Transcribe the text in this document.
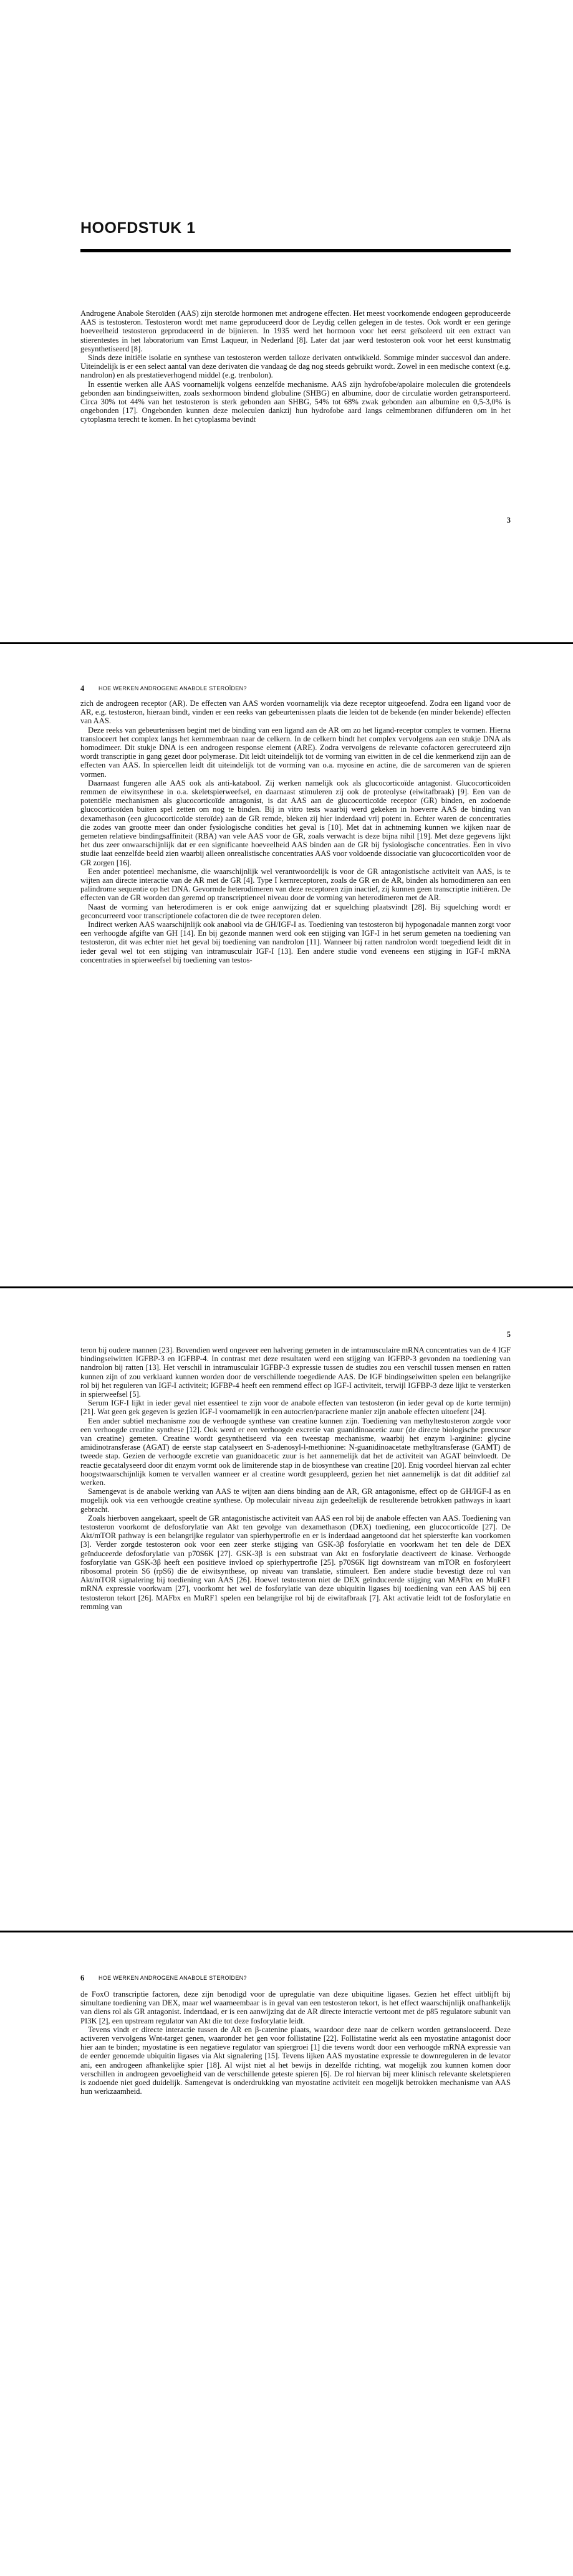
HOOFDSTUK 1

Androgene Anabole Steroïden (AAS) zijn steroïde hormonen met androgene effecten. Het meest voorkomende endogeen geproduceerde AAS is testosteron. Testosteron wordt met name geproduceerd door de Leydig cellen gelegen in de testes. Ook wordt er een geringe hoeveelheid testosteron geproduceerd in de bijnieren. In 1935 werd het hormoon voor het eerst geïsoleerd uit een extract van stierentestes in het laboratorium van Ernst Laqueur, in Nederland [8]. Later dat jaar werd testosteron ook voor het eerst kunstmatig gesynthetiseerd [8].

Sinds deze initiële isolatie en synthese van testosteron werden tallozе derivaten ontwikkeld. Sommige minder succesvol dan andere. Uiteindelijk is er een select aantal van deze derivaten die vandaag de dag nog steeds gebruikt wordt. Zowel in een medische context (e.g. nandrolon) en als prestatieverhogend middel (e.g. trenbolon).

In essentie werken alle AAS voornamelijk volgens eenzelfde mechanisme. AAS zijn hydrofobe/apolaire moleculen die grotendeels gebonden aan bindingseiwitten, zoals sexhormoon bindend globuline (SHBG) en albumine, door de circulatie worden getransporteerd. Circa 30% tot 44% van het testosteron is sterk gebonden aan SHBG, 54% tot 68% zwak gebonden aan albumine en 0,5-3,0% is ongebonden [17]. Ongebonden kunnen deze moleculen dankzij hun hydrofobe aard langs celmembranen diffunderen om in het cytoplasma terecht te komen. In het cytoplasma bevindt

3
4	HOE WERKEN ANDROGENE ANABOLE STEROÏDEN?

zich de androgeen receptor (AR). De effecten van AAS worden voornamelijk via deze receptor uitgeoefend. Zodra een ligand voor de AR, e.g. testosteron, hieraan bindt, vinden er een reeks van gebeurtenissen plaats die leiden tot de bekende (en minder bekende) effecten van AAS.

Deze reeks van gebeurtenissen begint met de binding van een ligand aan de AR om zo het ligand-receptor complex te vormen. Hierna transloceert het complex langs het kernmembraan naar de celkern. In de celkern bindt het complex vervolgens aan een stukje DNA als homodimeer. Dit stukje DNA is een androgeen response element (ARE). Zodra vervolgens de relevante cofactoren gerecruteerd zijn wordt transcriptie in gang gezet door polymerase. Dit leidt uiteindelijk tot de vorming van eiwitten in de cel die kenmerkend zijn aan de effecten van AAS. In spiercellen leidt dit uiteindelijk tot de vorming van o.a. myosine en actine, die de sarcomeren van de spieren vormen.

Daarnaast fungeren alle AAS ook als anti-katabool. Zij werken namelijk ook als glucocorticoïde antagonist. Glucocorticoïden remmen de eiwitsynthese in o.a. skeletspierweefsel, en daarnaast stimuleren zij ook de proteolyse (eiwitafbraak) [9]. Een van de potentiële mechanismen als glucocorticoïde antagonist, is dat AAS aan de glucocorticoïde receptor (GR) binden, en zodoende glucocorticoïden buiten spel zetten om nog te binden. Bij in vitro tests waarbij werd gekeken in hoeverre AAS de binding van dexamethason (een glucocorticoïde steroïde) aan de GR remde, bleken zij hier inderdaad vrij potent in. Echter waren de concentraties die zodes van grootte meer dan onder fysiologische condities het geval is [10]. Met dat in achtneming kunnen we kijken naar de gemeten relatieve bindingsaffiniteit (RBA) van vele AAS voor de GR, zoals verwacht is deze bijna nihil [19]. Met deze gegevens lijkt het dus zeer onwaarschijnlijk dat er een significante hoeveelheid AAS binden aan de GR bij fysiologische concentraties. Een in vivo studie laat eenzelfde beeld zien waarbij alleen onrealistische concentraties AAS voor voldoende dissociatie van glucocorticoïden voor de GR zorgen [16].

Een ander potentieel mechanisme, die waarschijnlijk wel verantwoordelijk is voor de GR antagonistische activiteit van AAS, is te wijten aan directe interactie van de AR met de GR [4]. Type I kernreceptoren, zoals de GR en de AR, binden als homodimeren aan een palindrome sequentie op het DNA. Gevormde heterodimeren van deze receptoren zijn inactief, zij kunnen geen transcriptie initiëren. De effecten van de GR worden dan geremd op transcriptieneel niveau door de vorming van heterodimeren met de AR.

Naast de vorming van heterodimeren is er ook enige aanwijzing dat er squelching plaatsvindt [28]. Bij squelching wordt er geconcurreerd voor transcriptionele cofactoren die de twee receptoren delen.

Indirect werken AAS waarschijnlijk ook anabool via de GH/IGF-I as. Toediening van testosteron bij hypogonadale mannen zorgt voor een verhoogde afgifte van GH [14]. En bij gezonde mannen werd ook een stijging van IGF-I in het serum gemeten na toediening van testosteron, dit was echter niet het geval bij toediening van nandrolon [11]. Wanneer bij ratten nandrolon wordt toegediend leidt dit in ieder geval wel tot een stijging van intramusculair IGF-I [13]. Een andere studie vond eveneens een stijging in IGF-I mRNA concentraties in spierweefsel bij toediening van testos-

5

teron bij oudere mannen [23]. Bovendien werd ongeveer een halvering gemeten in de intramusculaire mRNA concentraties van de 4 IGF bindingseiwitten IGFBP-3 en IGFBP-4. In contrast met deze resultaten werd een stijging van IGFBP-3 gevonden na toediening van nandrolon bij ratten [13]. Het verschil in intramusculair IGFBP-3 expressie tussen de studies zou een verschil tussen mensen en ratten kunnen zijn of zou verklaard kunnen worden door de verschillende toegediende AAS. De IGF bindingseiwitten spelen een belangrijke rol bij het reguleren van IGF-I activiteit; IGFBP-4 heeft een remmend effect op IGF-I activiteit, terwijl IGFBP-3 deze lijkt te versterken in spierweefsel [5].

Serum IGF-I lijkt in ieder geval niet essentieel te zijn voor de anabole effecten van testosteron (in ieder geval op de korte termijn) [21]. Wat geen gek gegeven is gezien IGF-I voornamelijk in een autocrien/paracriene manier zijn anabole effecten uitoefent [24].

Een ander subtiel mechanisme zou de verhoogde synthese van creatine kunnen zijn. Toediening van methyltestosteron zorgde voor een verhoogde creatine synthese [12]. Ook werd er een verhoogde excretie van guanidinoacetic zuur (de directe biologische precursor van creatine) gemeten. Creatine wordt gesynthetiseerd via een tweestap mechanisme, waarbij het enzym l-arginine: glycine amidinotransferase (AGAT) de eerste stap catalyseert en S-adenosyl-l-methionine: N-guanidinoacetate methyltransferase (GAMT) de tweede stap. Gezien de verhoogde excretie van guanidoacetic zuur is het aannemelijk dat het de activiteit van AGAT beïnvloedt. De reactie gecatalyseerd door dit enzym vormt ook de limiterende stap in de biosynthese van creatine [20]. Enig voordeel hiervan zal echter hoogstwaarschijnlijk komen te vervallen wanneer er al creatine wordt gesuppleerd, gezien het niet aannemelijk is dat dit additief zal werken.

Samengevat is de anabole werking van AAS te wijten aan diens binding aan de AR, GR antagonisme, effect op de GH/IGF-I as en mogelijk ook via een verhoogde creatine synthese. Op moleculair niveau zijn gedeeltelijk de resulterende betrokken pathways in kaart gebracht.

Zoals hierboven aangekaart, speelt de GR antagonistische activiteit van AAS een rol bij de anabole effecten van AAS. Toediening van testosteron voorkomt de defosforylatie van Akt ten gevolge van dexamethason (DEX) toediening, een glucocorticoïde [27]. De Akt/mTOR pathway is een belangrijke regulator van spierhypertrofie en er is inderdaad aangetoond dat het spiersterfte kan voorkomen [3]. Verder zorgde testosteron ook voor een zeer sterke stijging van GSK-3β fosforylatie en voorkwam het ten dele de DEX geïnduceerde defosforylatie van p70S6K [27]. GSK-3β is een substraat van Akt en fosforylatie deactiveert de kinase. Verhoogde fosforylatie van GSK-3β heeft een positieve invloed op spierhypertrofie [25]. p70S6K ligt downstream van mTOR en fosforyleert ribosomal protein S6 (rpS6) die de eiwitsynthese, op niveau van translatie, stimuleert. Een andere studie bevestigt deze rol van Akt/mTOR signalering bij toediening van AAS [26]. Hoewel testosteron niet de DEX geïnduceerde stijging van MAFbx en MuRF1 mRNA expressie voorkwam [27], voorkomt het wel de fosforylatie van deze ubiquitin ligases bij toediening van een AAS bij een testosteron tekort [26]. MAFbx en MuRF1 spelen een belangrijke rol bij de eiwitafbraak [7]. Akt activatie leidt tot de fosforylatie en remming van

6	HOE WERKEN ANDROGENE ANABOLE STEROÏDEN?

de FoxO transcriptie factoren, deze zijn benodigd voor de upregulatie van deze ubiquitine ligases. Gezien het effect uitblijft bij simultane toediening van DEX, maar wel waarneembaar is in geval van een testosteron tekort, is het effect waarschijnlijk onafhankelijk van diens rol als GR antagonist. Indertdaad, er is een aanwijzing dat de AR directe interactie vertoont met de p85 regulatore subunit van PI3K [2], een upstream regulator van Akt die tot deze fosforylatie leidt.

Tevens vindt er directe interactie tussen de AR en β-catenine plaats, waardoor deze naar de celkern worden getransloceerd. Deze activeren vervolgens Wnt-target genen, waaronder het gen voor follistatine [22]. Follistatine werkt als een myostatine antagonist door hier aan te binden; myostatine is een negatieve regulator van spiergroei [1] die tevens wordt door een verhoogde mRNA expressie van de eerder genoemde ubiquitin ligases via Akt signalering [15]. Tevens lijken AAS myostatine expressie te downreguleren in de levator ani, een androgeen afhankelijke spier [18]. Al wijst niet al het bewijs in dezelfde richting, wat mogelijk zou kunnen komen door verschillen in androgeen gevoeligheid van de verschillende geteste spieren [6]. De rol hiervan bij meer klinisch relevante skeletspieren is zodoende niet goed duidelijk. Samengevat is onderdrukking van myostatine activiteit een mogelijk betrokken mechanisme van AAS hun werkzaamheid.
